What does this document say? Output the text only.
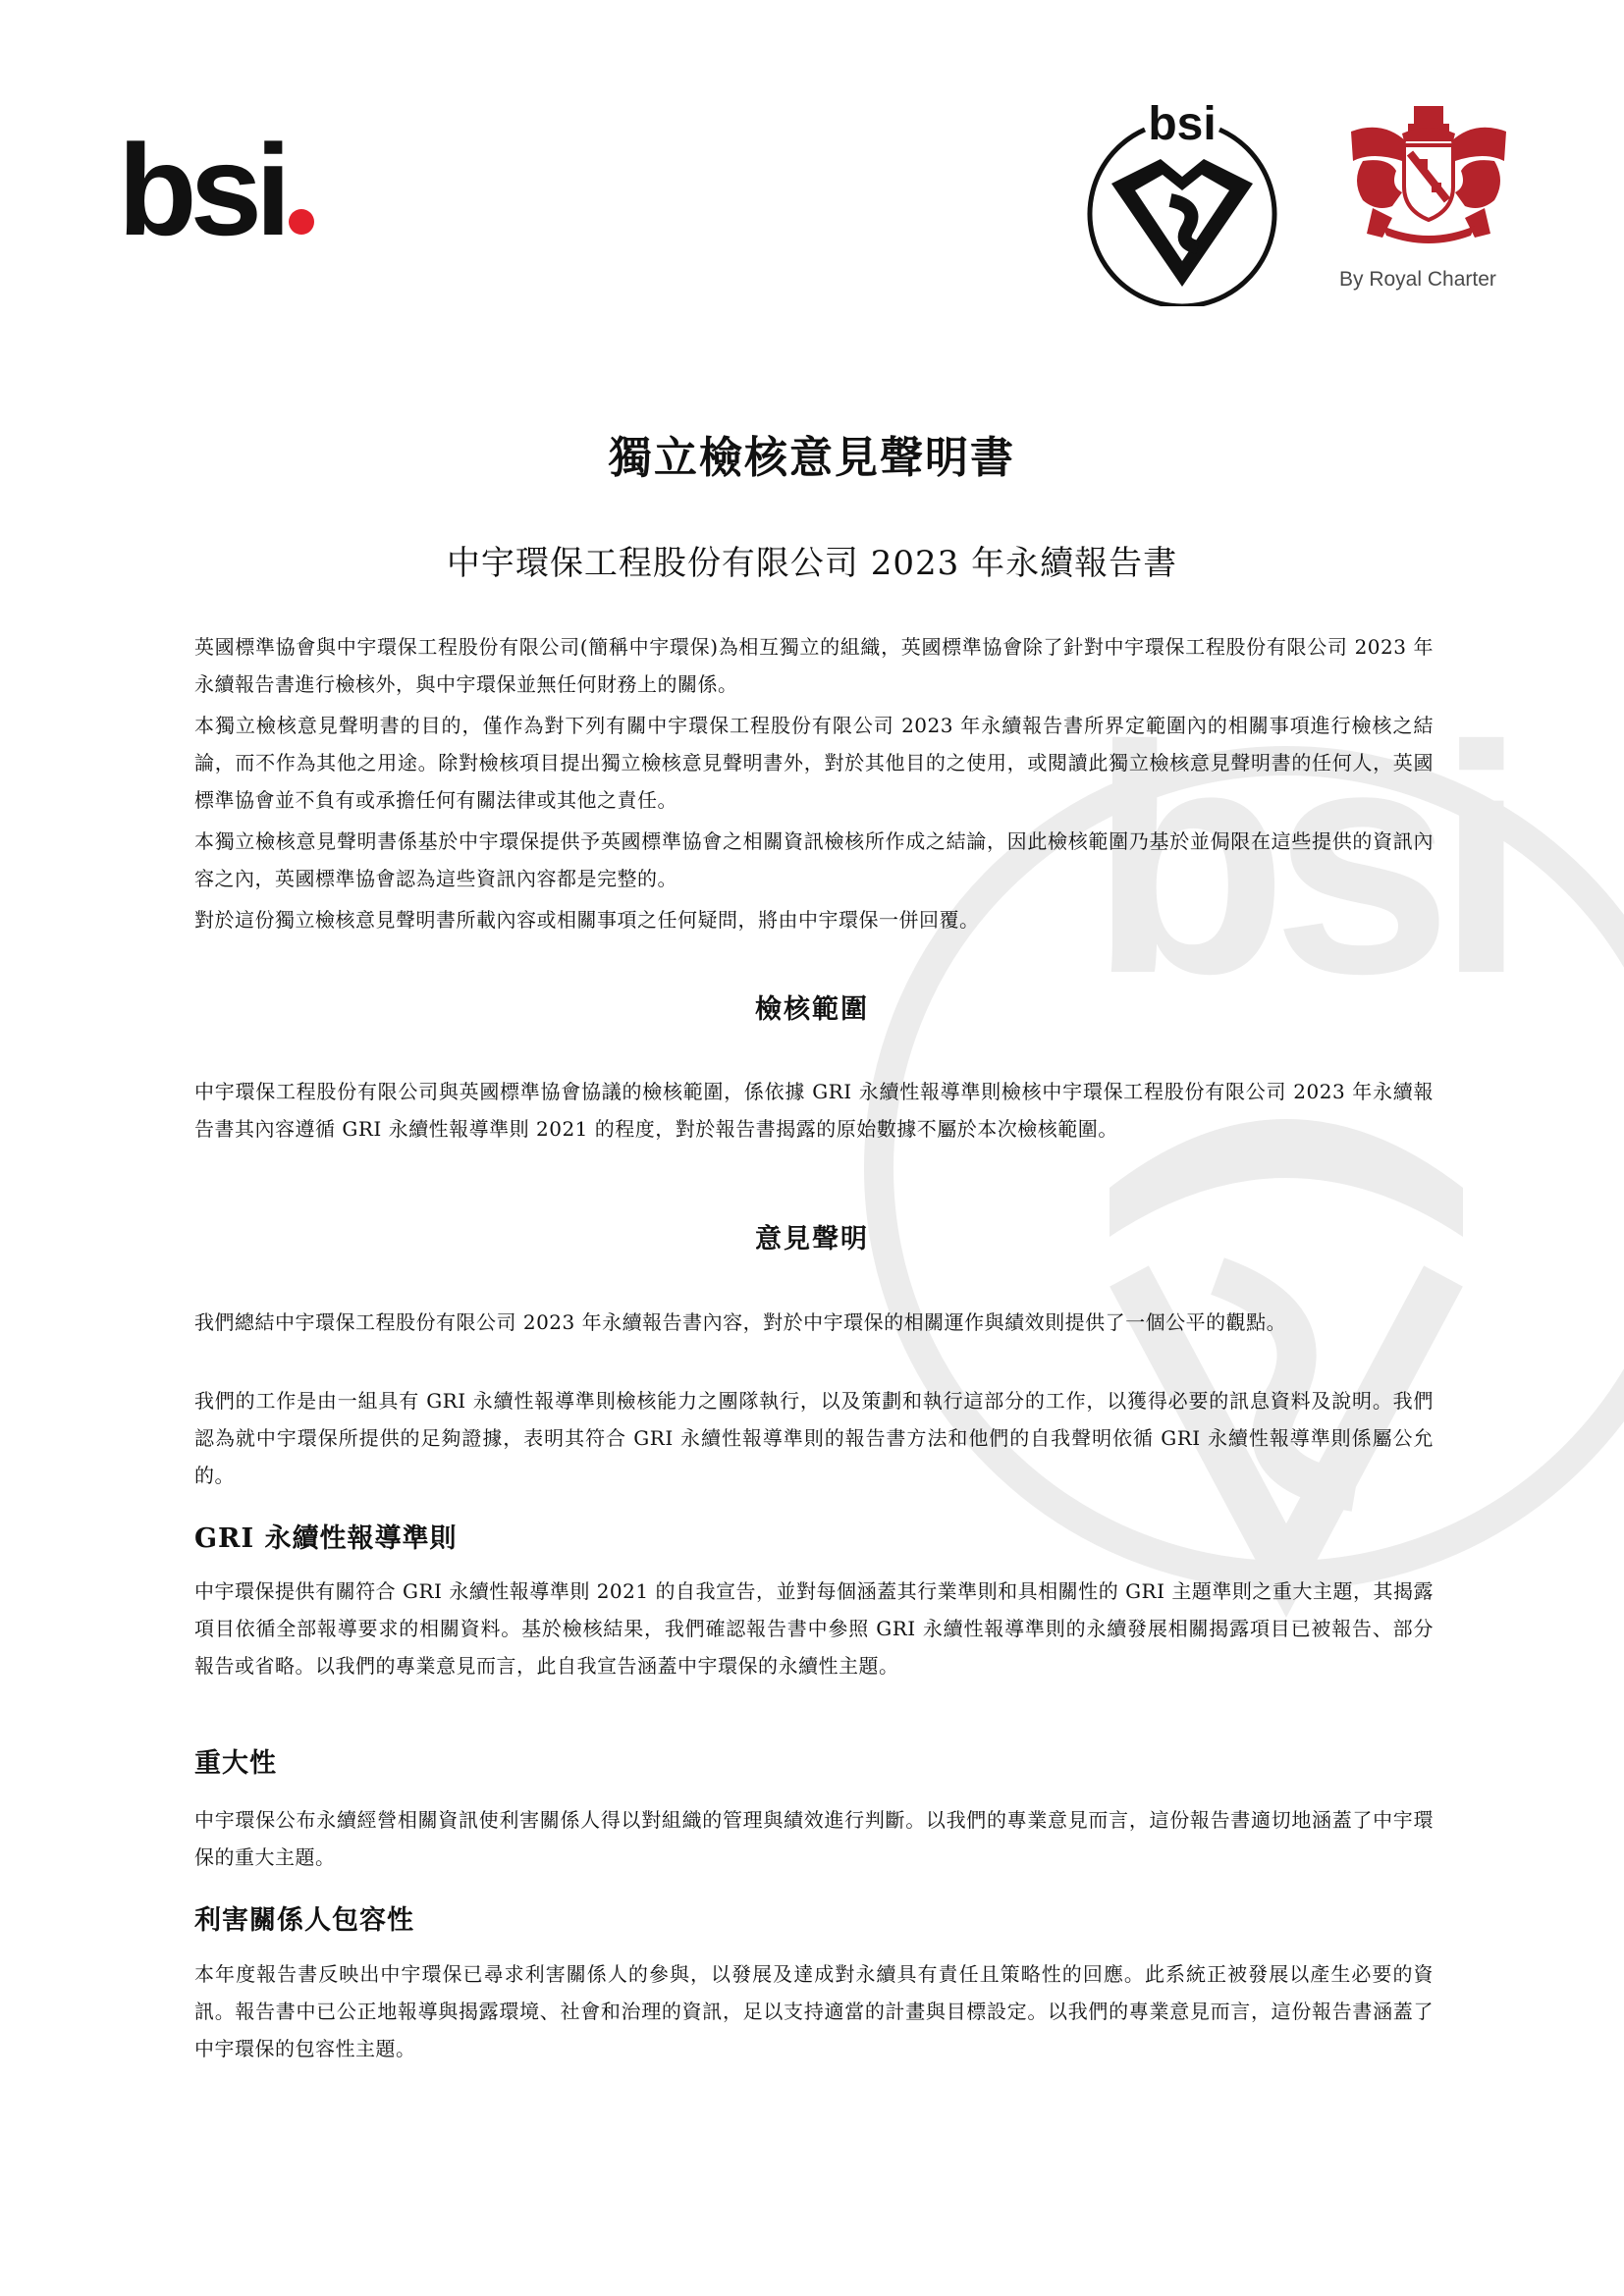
bsi
bsi	bsi
By Royal Charter
獨立檢核意見聲明書
中宇環保工程股份有限公司 2023 年永續報告書
英國標準協會與中宇環保工程股份有限公司(簡稱中宇環保)為相互獨立的組織，英國標準協會除了針對中宇環保工程股份有限公司 2023 年永續報告書進行檢核外，與中宇環保並無任何財務上的關係。
本獨立檢核意見聲明書的目的，僅作為對下列有關中宇環保工程股份有限公司 2023 年永續報告書所界定範圍內的相關事項進行檢核之結論，而不作為其他之用途。除對檢核項目提出獨立檢核意見聲明書外，對於其他目的之使用，或閱讀此獨立檢核意見聲明書的任何人，英國標準協會並不負有或承擔任何有關法律或其他之責任。
本獨立檢核意見聲明書係基於中宇環保提供予英國標準協會之相關資訊檢核所作成之結論，因此檢核範圍乃基於並侷限在這些提供的資訊內容之內，英國標準協會認為這些資訊內容都是完整的。
對於這份獨立檢核意見聲明書所載內容或相關事項之任何疑問，將由中宇環保一併回覆。
檢核範圍
中宇環保工程股份有限公司與英國標準協會協議的檢核範圍，係依據 GRI 永續性報導準則檢核中宇環保工程股份有限公司 2023 年永續報告書其內容遵循 GRI 永續性報導準則 2021 的程度，對於報告書揭露的原始數據不屬於本次檢核範圍。
意見聲明
我們總結中宇環保工程股份有限公司 2023 年永續報告書內容，對於中宇環保的相關運作與績效則提供了一個公平的觀點。
我們的工作是由一組具有 GRI 永續性報導準則檢核能力之團隊執行，以及策劃和執行這部分的工作，以獲得必要的訊息資料及說明。我們認為就中宇環保所提供的足夠證據，表明其符合 GRI 永續性報導準則的報告書方法和他們的自我聲明依循 GRI 永續性報導準則係屬公允的。
GRI 永續性報導準則
中宇環保提供有關符合 GRI 永續性報導準則 2021 的自我宣告，並對每個涵蓋其行業準則和具相關性的 GRI 主題準則之重大主題，其揭露項目依循全部報導要求的相關資料。基於檢核結果，我們確認報告書中參照 GRI 永續性報導準則的永續發展相關揭露項目已被報告、部分報告或省略。以我們的專業意見而言，此自我宣告涵蓋中宇環保的永續性主題。
重大性
中宇環保公布永續經營相關資訊使利害關係人得以對組織的管理與績效進行判斷。以我們的專業意見而言，這份報告書適切地涵蓋了中宇環保的重大主題。
利害關係人包容性
本年度報告書反映出中宇環保已尋求利害關係人的參與，以發展及達成對永續具有責任且策略性的回應。此系統正被發展以產生必要的資訊。報告書中已公正地報導與揭露環境、社會和治理的資訊，足以支持適當的計畫與目標設定。以我們的專業意見而言，這份報告書涵蓋了中宇環保的包容性主題。
